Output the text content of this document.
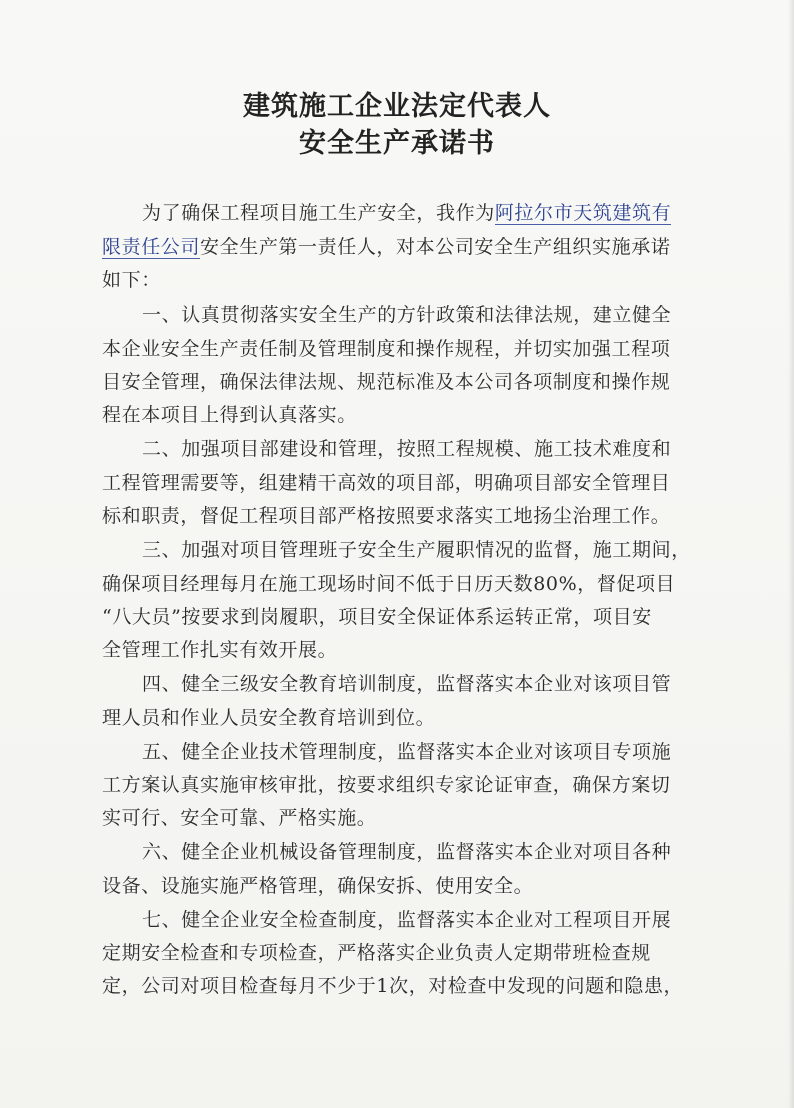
建筑施工企业法定代表人
安全生产承诺书
为了确保工程项目施工生产安全，我作为阿拉尔市天筑建筑有
限责任公司安全生产第一责任人，对本公司安全生产组织实施承诺
如下：
一、认真贯彻落实安全生产的方针政策和法律法规，建立健全
本企业安全生产责任制及管理制度和操作规程，并切实加强工程项
目安全管理，确保法律法规、规范标准及本公司各项制度和操作规
程在本项目上得到认真落实。
二、加强项目部建设和管理，按照工程规模、施工技术难度和
工程管理需要等，组建精干高效的项目部，明确项目部安全管理目
标和职责，督促工程项目部严格按照要求落实工地扬尘治理工作。
三、加强对项目管理班子安全生产履职情况的监督，施工期间，
确保项目经理每月在施工现场时间不低于日历天数80%，督促项目
“八大员”按要求到岗履职，项目安全保证体系运转正常，项目安
全管理工作扎实有效开展。
四、健全三级安全教育培训制度，监督落实本企业对该项目管
理人员和作业人员安全教育培训到位。
五、健全企业技术管理制度，监督落实本企业对该项目专项施
工方案认真实施审核审批，按要求组织专家论证审查，确保方案切
实可行、安全可靠、严格实施。
六、健全企业机械设备管理制度，监督落实本企业对项目各种
设备、设施实施严格管理，确保安拆、使用安全。
七、健全企业安全检查制度，监督落实本企业对工程项目开展
定期安全检查和专项检查，严格落实企业负责人定期带班检查规
定，公司对项目检查每月不少于1次，对检查中发现的问题和隐患，
